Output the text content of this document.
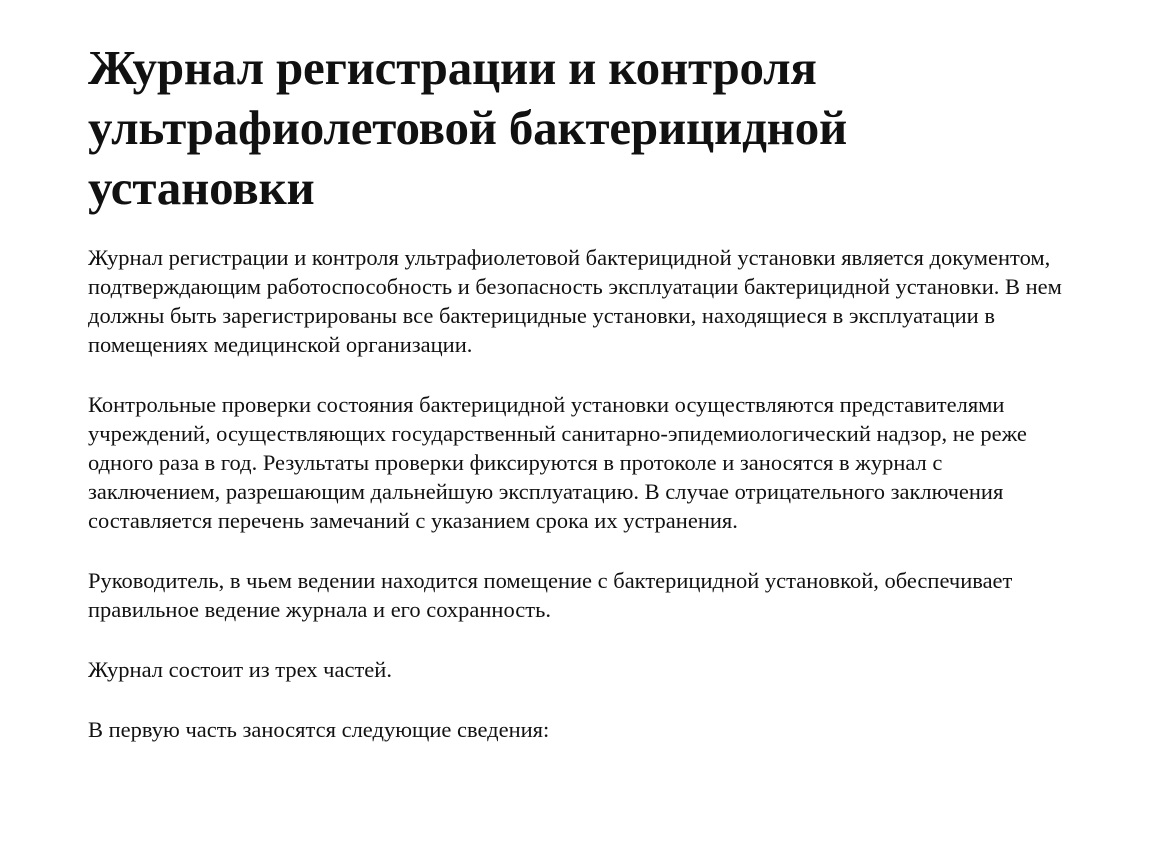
Журнал регистрации и контроля ультрафиолетовой бактерицидной установки

Журнал регистрации и контроля ультрафиолетовой бактерицидной установки является документом, подтверждающим работоспособность и безопасность эксплуатации бактерицидной установки. В нем должны быть зарегистрированы все бактерицидные установки, находящиеся в эксплуатации в помещениях медицинской организации.

Контрольные проверки состояния бактерицидной установки осуществляются представителями учреждений, осуществляющих государственный санитарно-эпидемиологический надзор, не реже одного раза в год. Результаты проверки фиксируются в протоколе и заносятся в журнал с заключением, разрешающим дальнейшую эксплуатацию. В случае отрицательного заключения составляется перечень замечаний с указанием срока их устранения.

Руководитель, в чьем ведении находится помещение с бактерицидной установкой, обеспечивает правильное ведение журнала и его сохранность.

Журнал состоит из трех частей.

В первую часть заносятся следующие сведения:
